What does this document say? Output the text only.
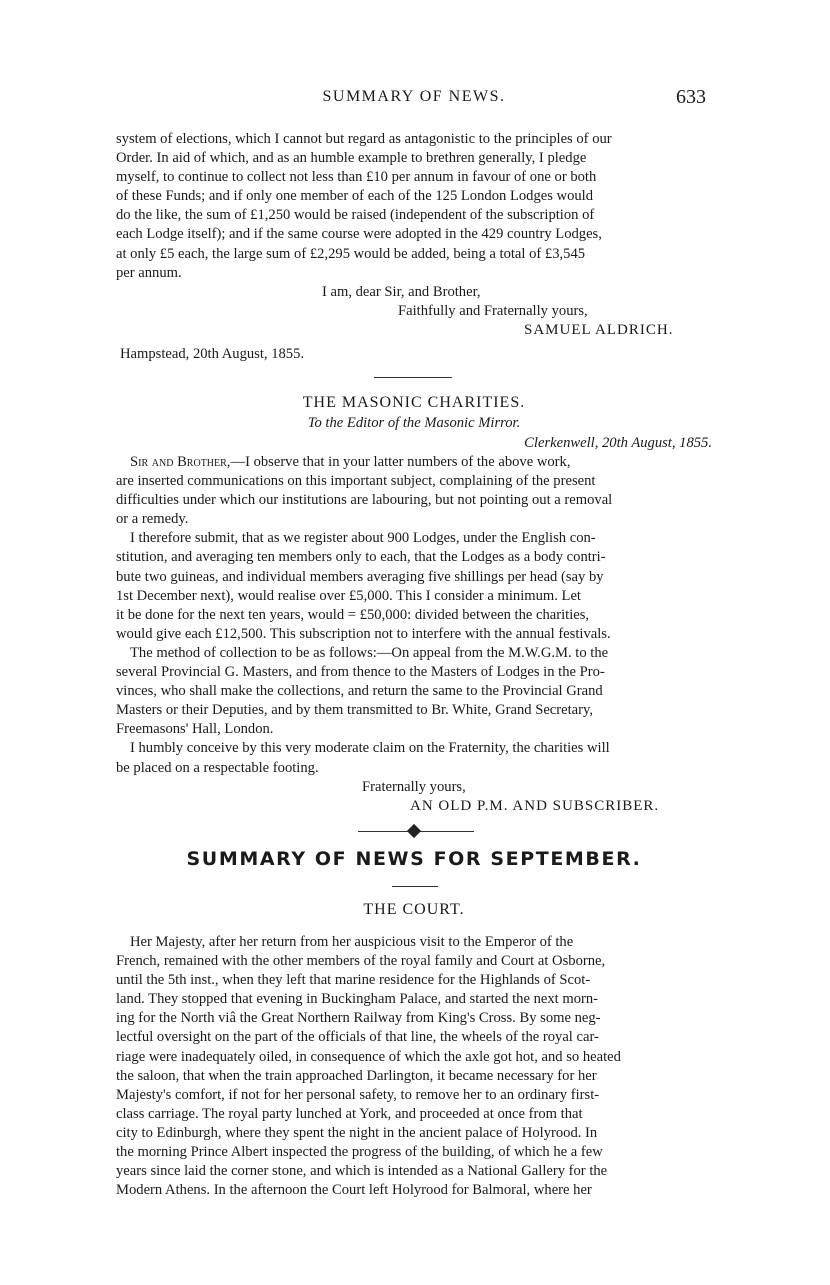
SUMMARY OF NEWS.	633

system of elections, which I cannot but regard as antagonistic to the principles of our

Order. In aid of which, and as an humble example to brethren generally, I pledge

myself, to continue to collect not less than £10 per annum in favour of one or both

of these Funds; and if only one member of each of the 125 London Lodges would

do the like, the sum of £1,250 would be raised (independent of the subscription of

each Lodge itself); and if the same course were adopted in the 429 country Lodges,

at only £5 each, the large sum of £2,295 would be added, being a total of £3,545

per annum.

I am, dear Sir, and Brother,
Faithfully and Fraternally yours,
SAMUEL ALDRICH.
Hampstead, 20th August, 1855.
THE MASONIC CHARITIES.
To the Editor of the Masonic Mirror.
Clerkenwell, 20th August, 1855.

Sir and Brother,—I observe that in your latter numbers of the above work,

are inserted communications on this important subject, complaining of the present

difficulties under which our institutions are labouring, but not pointing out a removal

or a remedy.

I therefore submit, that as we register about 900 Lodges, under the English con-

stitution, and averaging ten members only to each, that the Lodges as a body contri-

bute two guineas, and individual members averaging five shillings per head (say by

1st December next), would realise over £5,000. This I consider a minimum. Let

it be done for the next ten years, would = £50,000: divided between the charities,

would give each £12,500. This subscription not to interfere with the annual festivals.

The method of collection to be as follows:—On appeal from the M.W.G.M. to the

several Provincial G. Masters, and from thence to the Masters of Lodges in the Pro-

vinces, who shall make the collections, and return the same to the Provincial Grand

Masters or their Deputies, and by them transmitted to Br. White, Grand Secretary,

Freemasons' Hall, London.

I humbly conceive by this very moderate claim on the Fraternity, the charities will

be placed on a respectable footing.

Fraternally yours,
AN OLD P.M. AND SUBSCRIBER.
SUMMARY OF NEWS FOR SEPTEMBER.
THE COURT.

Her Majesty, after her return from her auspicious visit to the Emperor of the

French, remained with the other members of the royal family and Court at Osborne,

until the 5th inst., when they left that marine residence for the Highlands of Scot-

land. They stopped that evening in Buckingham Palace, and started the next morn-

ing for the North viâ the Great Northern Railway from King's Cross. By some neg-

lectful oversight on the part of the officials of that line, the wheels of the royal car-

riage were inadequately oiled, in consequence of which the axle got hot, and so heated

the saloon, that when the train approached Darlington, it became necessary for her

Majesty's comfort, if not for her personal safety, to remove her to an ordinary first-

class carriage. The royal party lunched at York, and proceeded at once from that

city to Edinburgh, where they spent the night in the ancient palace of Holyrood. In

the morning Prince Albert inspected the progress of the building, of which he a few

years since laid the corner stone, and which is intended as a National Gallery for the

Modern Athens. In the afternoon the Court left Holyrood for Balmoral, where her
